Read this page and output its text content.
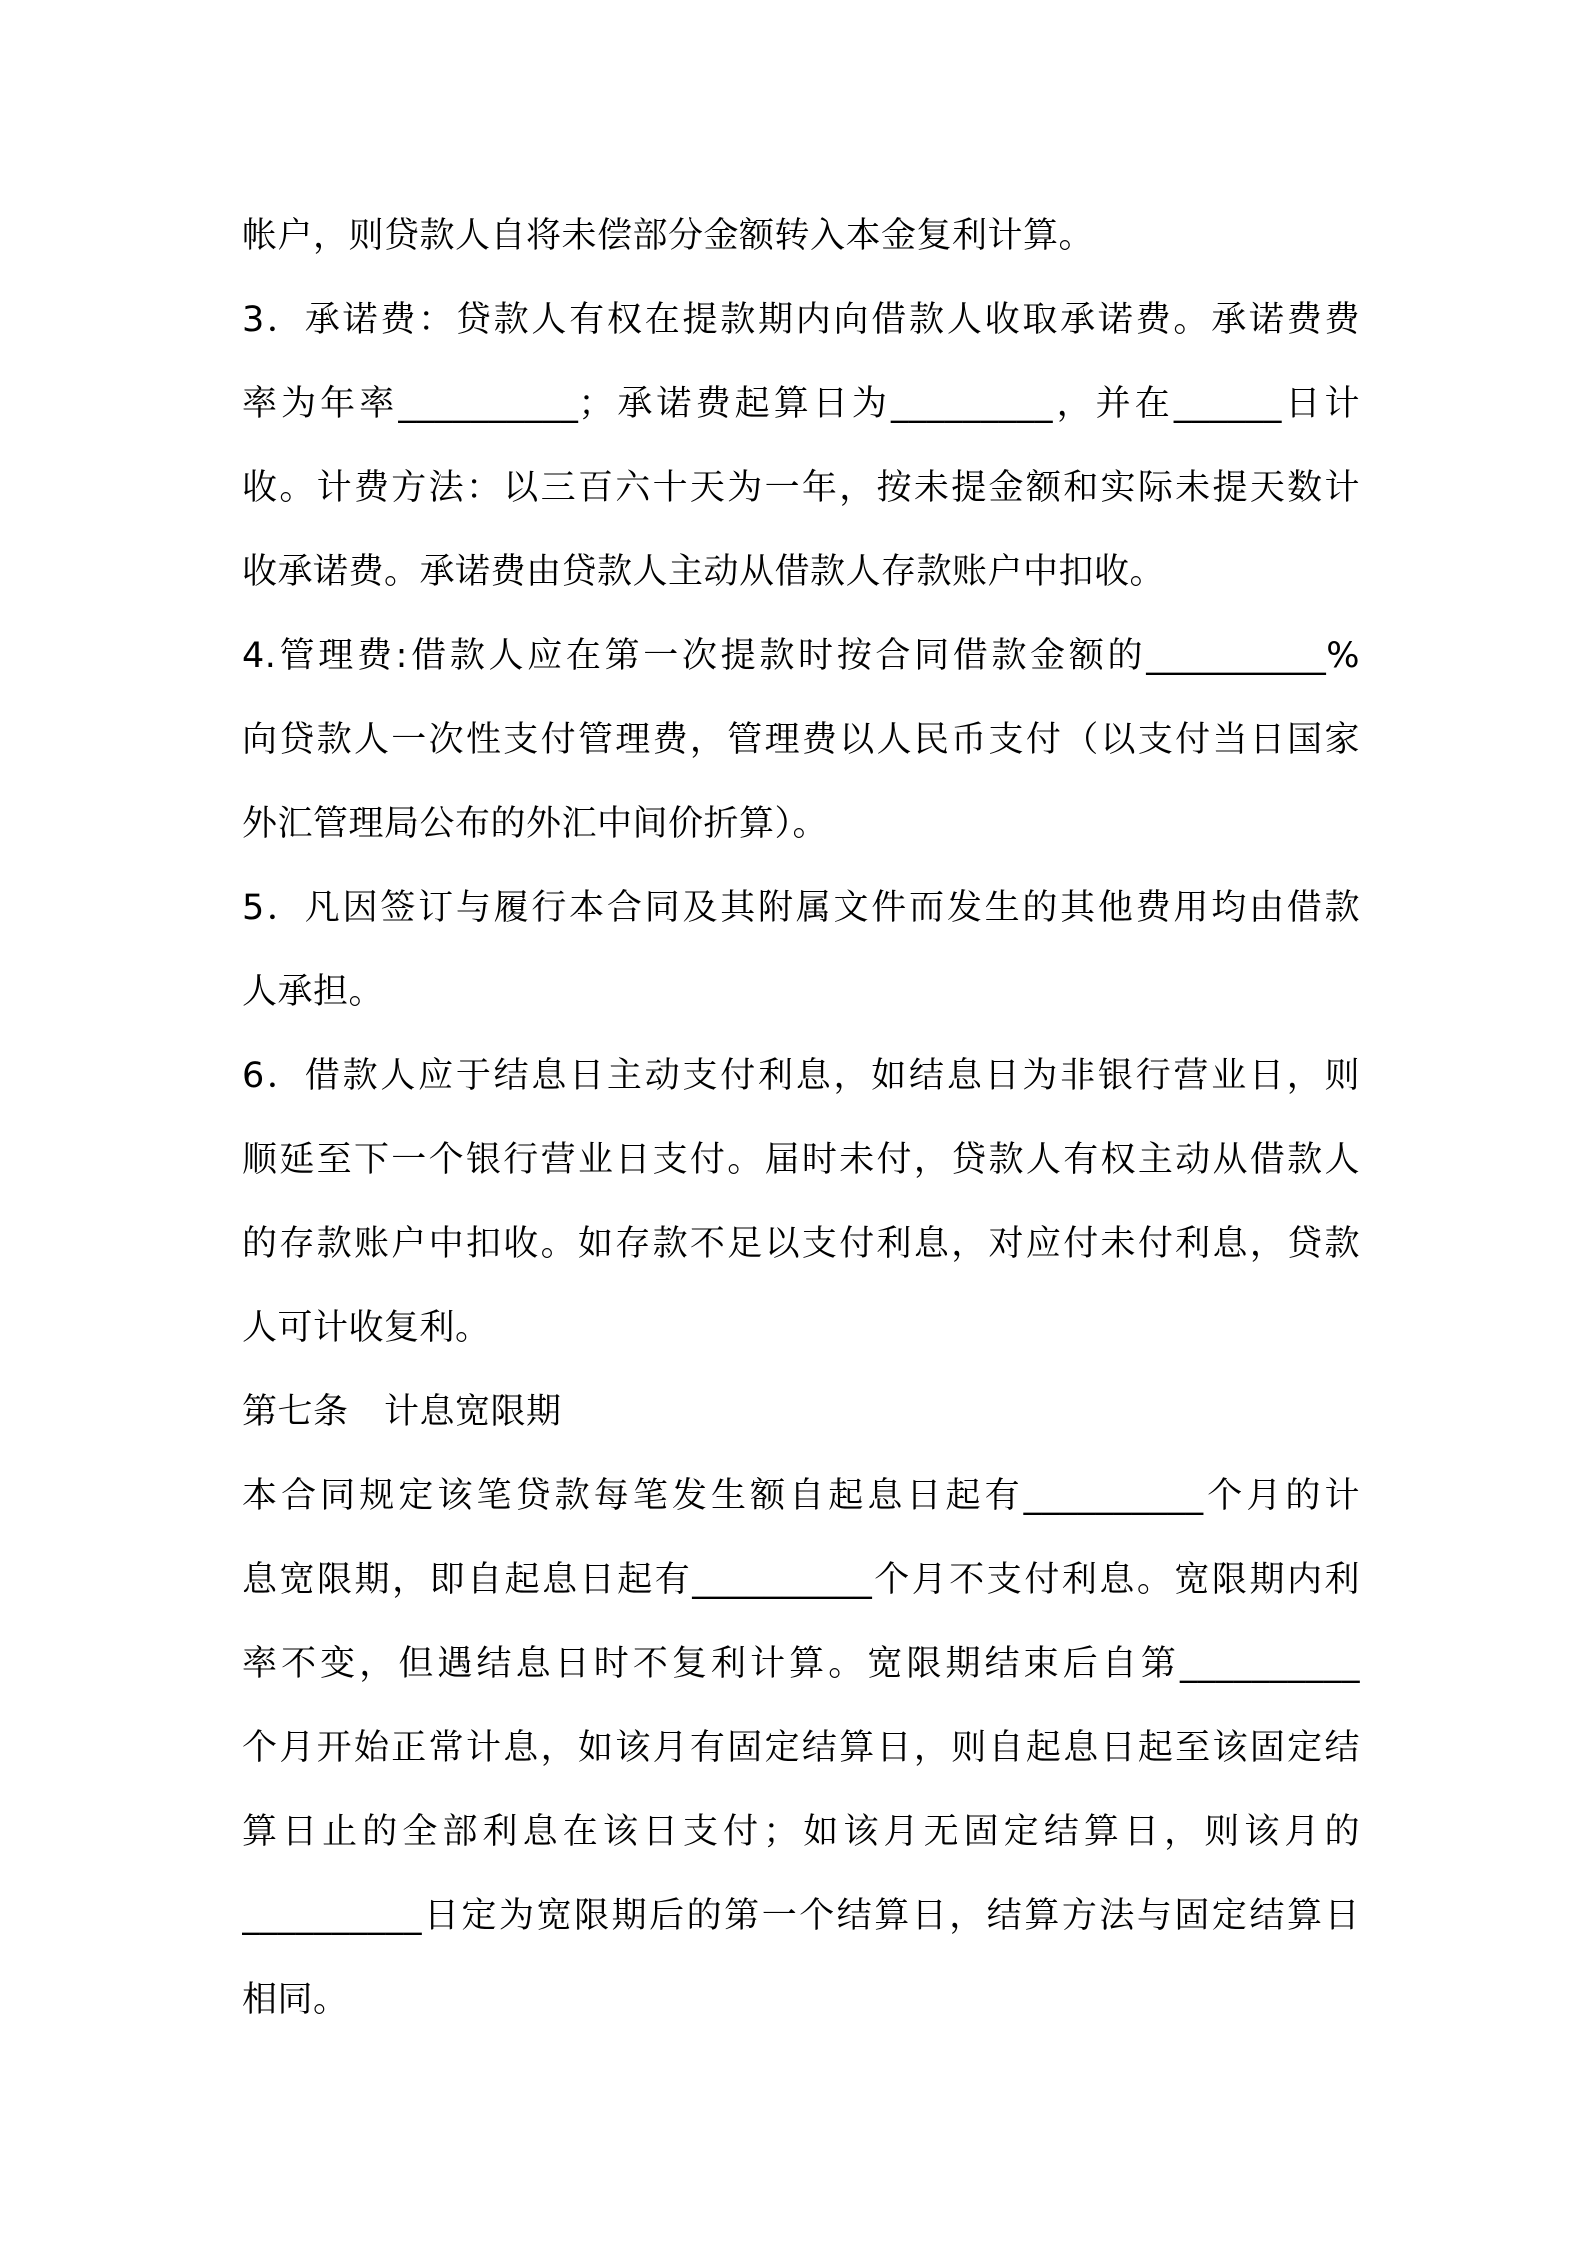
帐户，则贷款人自将未偿部分金额转入本金复利计算。
3．承诺费：贷款人有权在提款期内向借款人收取承诺费。承诺费费
率为年率__________；承诺费起算日为_________，并在______日计
收。计费方法：以三百六十天为一年，按未提金额和实际未提天数计
收承诺费。承诺费由贷款人主动从借款人存款账户中扣收。
4.管理费:借款人应在第一次提款时按合同借款金额的__________%
向贷款人一次性支付管理费，管理费以人民币支付（以支付当日国家
外汇管理局公布的外汇中间价折算）。
5．凡因签订与履行本合同及其附属文件而发生的其他费用均由借款
人承担。
6．借款人应于结息日主动支付利息，如结息日为非银行营业日，则
顺延至下一个银行营业日支付。届时未付，贷款人有权主动从借款人
的存款账户中扣收。如存款不足以支付利息，对应付未付利息，贷款
人可计收复利。
第七条　计息宽限期
本合同规定该笔贷款每笔发生额自起息日起有__________个月的计
息宽限期，即自起息日起有__________个月不支付利息。宽限期内利
率不变，但遇结息日时不复利计算。宽限期结束后自第__________
个月开始正常计息，如该月有固定结算日，则自起息日起至该固定结
算日止的全部利息在该日支付；如该月无固定结算日，则该月的
__________日定为宽限期后的第一个结算日，结算方法与固定结算日
相同。
